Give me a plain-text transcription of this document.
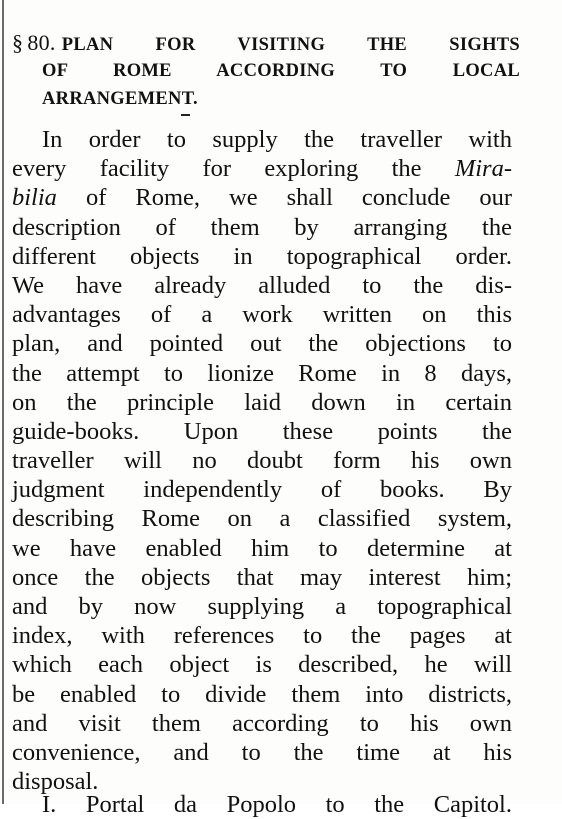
§ 80. PLAN FOR VISITING THE SIGHTS
OF ROME ACCORDING TO LOCAL
ARRANGEMENT.
In order to supply the traveller with
every facility for exploring the Mira-
bilia of Rome, we shall conclude our
description of them by arranging the
different objects in topographical order.
We have already alluded to the dis-
advantages of a work written on this
plan, and pointed out the objections to
the attempt to lionize Rome in 8 days,
on the principle laid down in certain
guide-books. Upon these points the
traveller will no doubt form his own
judgment independently of books. By
describing Rome on a classified system,
we have enabled him to determine at
once the objects that may interest him;
and by now supplying a topographical
index, with references to the pages at
which each object is described, he will
be enabled to divide them into districts,
and visit them according to his own
convenience, and to the time at his
disposal.
I. Portal da Popolo to the Capitol.
